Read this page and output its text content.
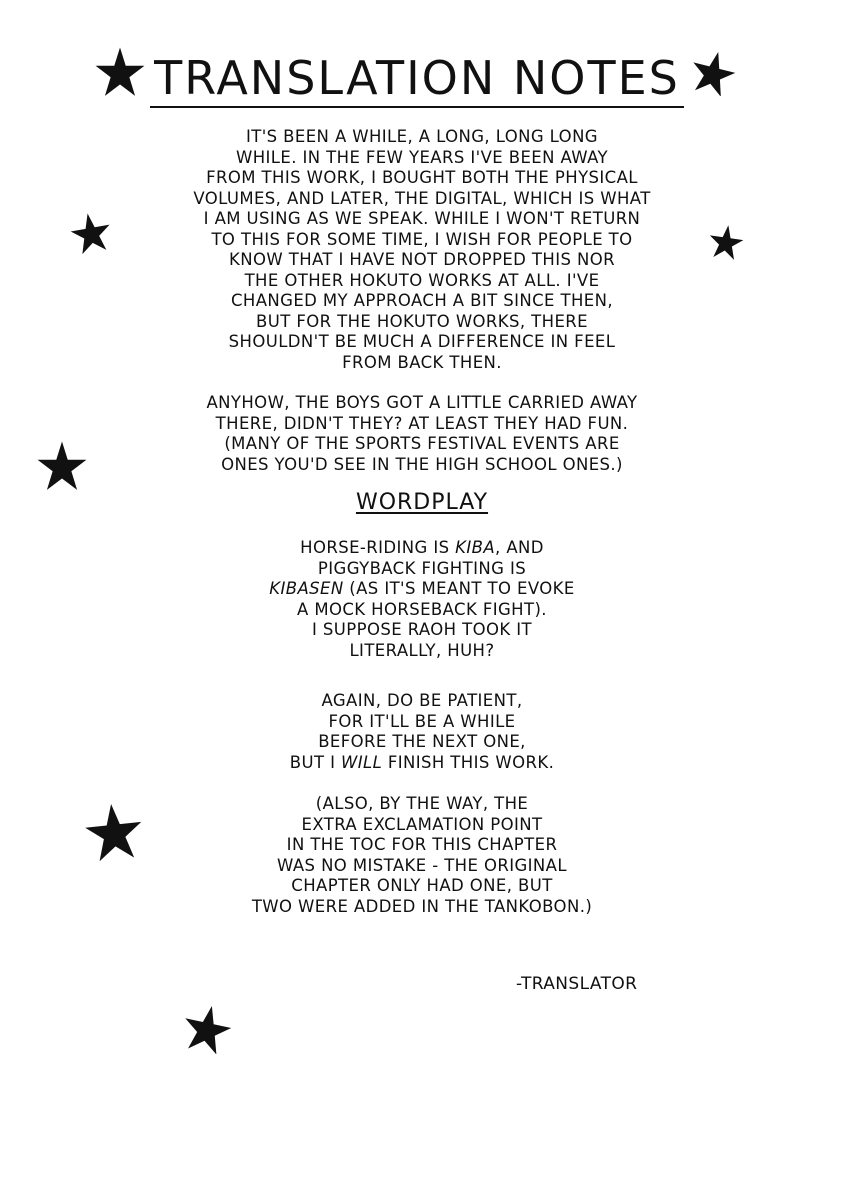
TRANSLATION NOTES
IT'S BEEN A WHILE, A LONG, LONG LONG
WHILE. IN THE FEW YEARS I'VE BEEN AWAY
FROM THIS WORK, I BOUGHT BOTH THE PHYSICAL
VOLUMES, AND LATER, THE DIGITAL, WHICH IS WHAT
I AM USING AS WE SPEAK. WHILE I WON'T RETURN
TO THIS FOR SOME TIME, I WISH FOR PEOPLE TO
KNOW THAT I HAVE NOT DROPPED THIS NOR
THE OTHER HOKUTO WORKS AT ALL. I'VE
CHANGED MY APPROACH A BIT SINCE THEN,
BUT FOR THE HOKUTO WORKS, THERE
SHOULDN'T BE MUCH A DIFFERENCE IN FEEL
FROM BACK THEN.
ANYHOW, THE BOYS GOT A LITTLE CARRIED AWAY
THERE, DIDN'T THEY? AT LEAST THEY HAD FUN.
(MANY OF THE SPORTS FESTIVAL EVENTS ARE
ONES YOU'D SEE IN THE HIGH SCHOOL ONES.)
WORDPLAY
HORSE-RIDING IS KIBA, AND
PIGGYBACK FIGHTING IS
KIBASEN (AS IT'S MEANT TO EVOKE
A MOCK HORSEBACK FIGHT).
I SUPPOSE RAOH TOOK IT
LITERALLY, HUH?
AGAIN, DO BE PATIENT,
FOR IT'LL BE A WHILE
BEFORE THE NEXT ONE,
BUT I WILL FINISH THIS WORK.
(ALSO, BY THE WAY, THE
EXTRA EXCLAMATION POINT
IN THE TOC FOR THIS CHAPTER
WAS NO MISTAKE - THE ORIGINAL
CHAPTER ONLY HAD ONE, BUT
TWO WERE ADDED IN THE TANKOBON.)
-TRANSLATOR
